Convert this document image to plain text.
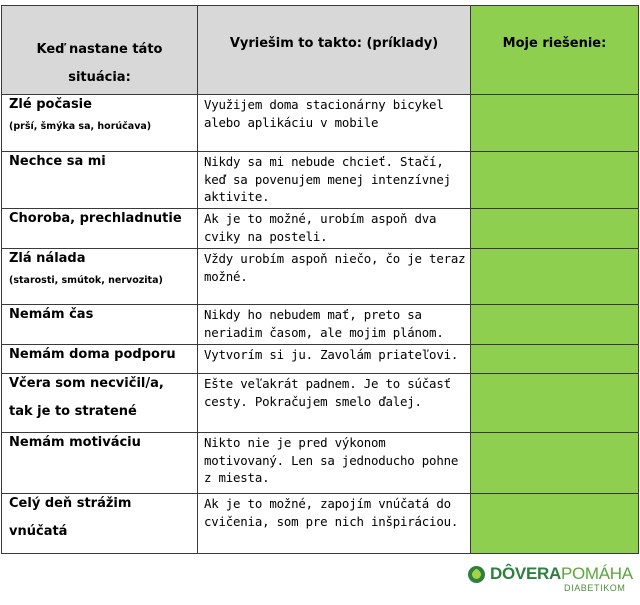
Keď nastane táto
situácia:	Vyriešim to takto: (príklady)	Moje riešenie:

Zlé počasie
(prší, šmýka sa, horúčava)	Využijem doma stacionárny bicykel alebo aplikáciu v mobile	
Nechce sa mi	Nikdy sa mi nebude chcieť. Stačí, keď sa povenujem menej intenzívnej aktivite.	
Choroba, prechladnutie	Ak je to možné, urobím aspoň dva cviky na posteli.	
Zlá nálada
(starosti, smútok, nervozita)	Vždy urobím aspoň niečo, čo je teraz možné.	
Nemám čas	Nikdy ho nebudem mať, preto sa neriadim časom, ale mojim plánom.	
Nemám doma podporu	Vytvorím si ju. Zavolám priateľovi.	
Včera som necvičil/a,
tak je to stratené	Ešte veľakrát padnem. Je to súčasť cesty. Pokračujem smelo ďalej.	
Nemám motiváciu	Nikto nie je pred výkonom motivovaný. Len sa jednoducho pohne z miesta.	
Celý deň strážim
vnúčatá	Ak je to možné, zapojím vnúčatá do cvičenia, som pre nich inšpiráciou.	
DÔVERAPOMÁHA
DIABETIKOM
